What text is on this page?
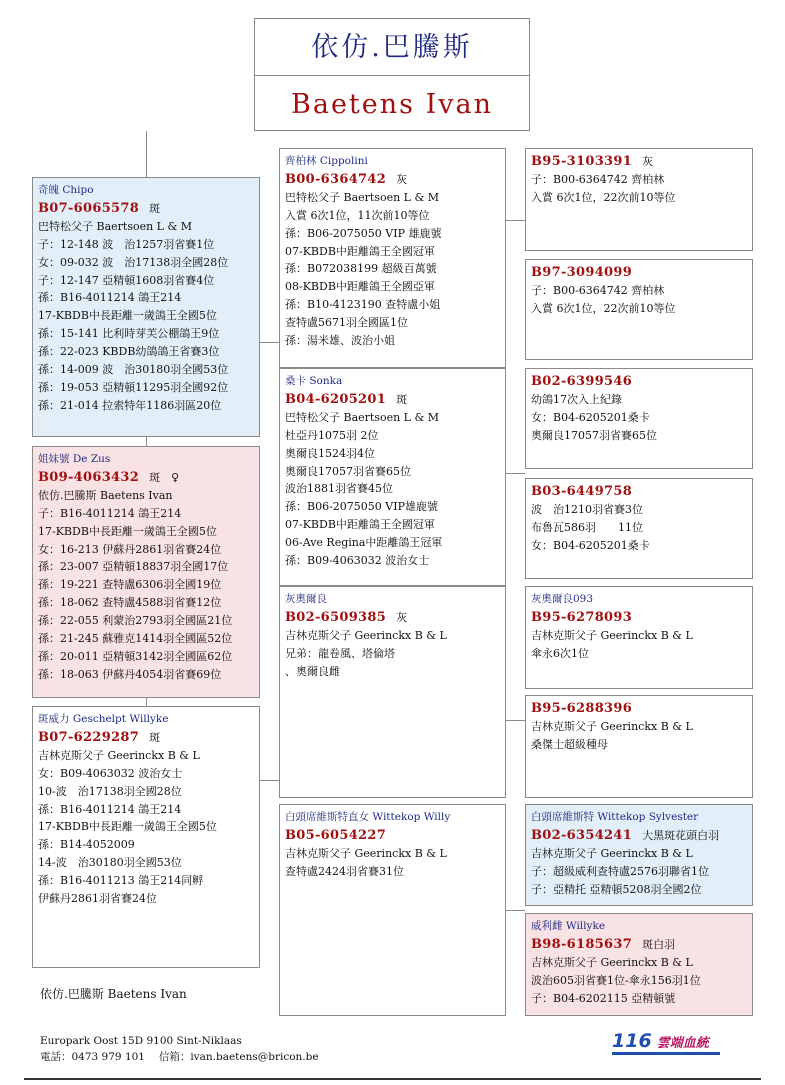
依仿.巴騰斯
Baetens Ivan
奇魄 Chipo
B07-6065578 斑
巴特松父子 Baertsoen L & M
子：12-148 波　治1257羽省賽1位
女：09-032 波　治17138羽全國28位
子：12-147 亞精頓1608羽省賽4位
孫：B16-4011214 鴿王214
17-KBDB中長距離一歲鴿王全國5位
孫：15-141 比利時芽芙公棚鴿王9位
孫：22-023 KBDB幼鴿鴿王省賽3位
孫：14-009 波　治30180羽全國53位
孫：19-053 亞精頓11295羽全國92位
孫：21-014 拉索特年1186羽區20位
姐妹號 De Zus
B09-4063432 斑　♀
依仿.巴騰斯 Baetens Ivan
子：B16-4011214 鴿王214
17-KBDB中長距離一歲鴿王全國5位
女：16-213 伊蘇丹2861羽省賽24位
孫：23-007 亞精頓18837羽全國17位
孫：19-221 查特盧6306羽全國19位
孫：18-062 查特盧4588羽省賽12位
孫：22-055 利蒙治2793羽全國區21位
孫：21-245 蘇雅克1414羽全國區52位
孫：20-011 亞精頓3142羽全國區62位
孫：18-063 伊蘇丹4054羽省賽69位
斑威力 Geschelpt Willyke
B07-6229287 斑
吉林克斯父子 Geerinckx B & L
女：B09-4063032 波治女士
10-波　治17138羽全國28位
孫：B16-4011214 鴿王214
17-KBDB中長距離一歲鴿王全國5位
孫：B14-4052009
14-波　治30180羽全國53位
孫：B16-4011213 鴿王214同孵
伊蘇丹2861羽省賽24位
齊柏林 Cippolini
B00-6364742 灰
巴特松父子 Baertsoen L & M
入賞 6次1位，11次前10等位
孫：B06-2075050 VIP 雄鹿號
07-KBDB中距離鴿王全國冠軍
孫：B072038199 超級百萬號
08-KBDB中距離鴿王全國亞軍
孫：B10-4123190 查特盧小姐
查特盧5671羽全國區1位
孫：湯米雄、波治小姐
桑卡 Sonka
B04-6205201 斑
巴特松父子 Baertsoen L & M
杜亞丹1075羽 2位
奧爾良1524羽4位
奧爾良17057羽省賽65位
波治1881羽省賽45位
孫：B06-2075050 VIP雄鹿號
07-KBDB中距離鴿王全國冠軍
06-Ave Regina中距離鴿王冠軍
孫：B09-4063032 波治女士
灰奧爾良
B02-6509385 灰
吉林克斯父子 Geerinckx B & L
兄弟：龍卷風、塔倫塔
、奧爾良雌
白頭席維斯特直女 Wittekop Willy
B05-6054227
吉林克斯父子 Geerinckx B & L
查特盧2424羽省賽31位
B95-3103391 灰
子：B00-6364742 齊柏林
入賞 6次1位，22次前10等位
B97-3094099
子：B00-6364742 齊柏林
入賞 6次1位，22次前10等位
B02-6399546
幼鴿17次入上紀錄
女：B04-6205201桑卡
奧爾良17057羽省賽65位
B03-6449758
波　治1210羽省賽3位
布魯瓦586羽　　11位
女：B04-6205201桑卡
灰奧爾良093
B95-6278093
吉林克斯父子 Geerinckx B & L
傘永6次1位
B95-6288396
吉林克斯父子 Geerinckx B & L
桑傑士超級種母
白頭席維斯特 Wittekop Sylvester
B02-6354241 大黑斑花頭白羽
吉林克斯父子 Geerinckx B & L
子：超級威利查特盧2576羽聯省1位
子：亞精托 亞精頓5208羽全國2位
威利雌 Willyke
B98-6185637 斑白羽
吉林克斯父子 Geerinckx B & L
波治605羽省賽1位-傘永156羽1位
子：B04-6202115 亞精頓號
依仿.巴騰斯 Baetens Ivan
Europark Oost 15D 9100 Sint-Niklaas
電話：0473 979 101　 信箱：ivan.baetens@bricon.be
116 雲端血統
